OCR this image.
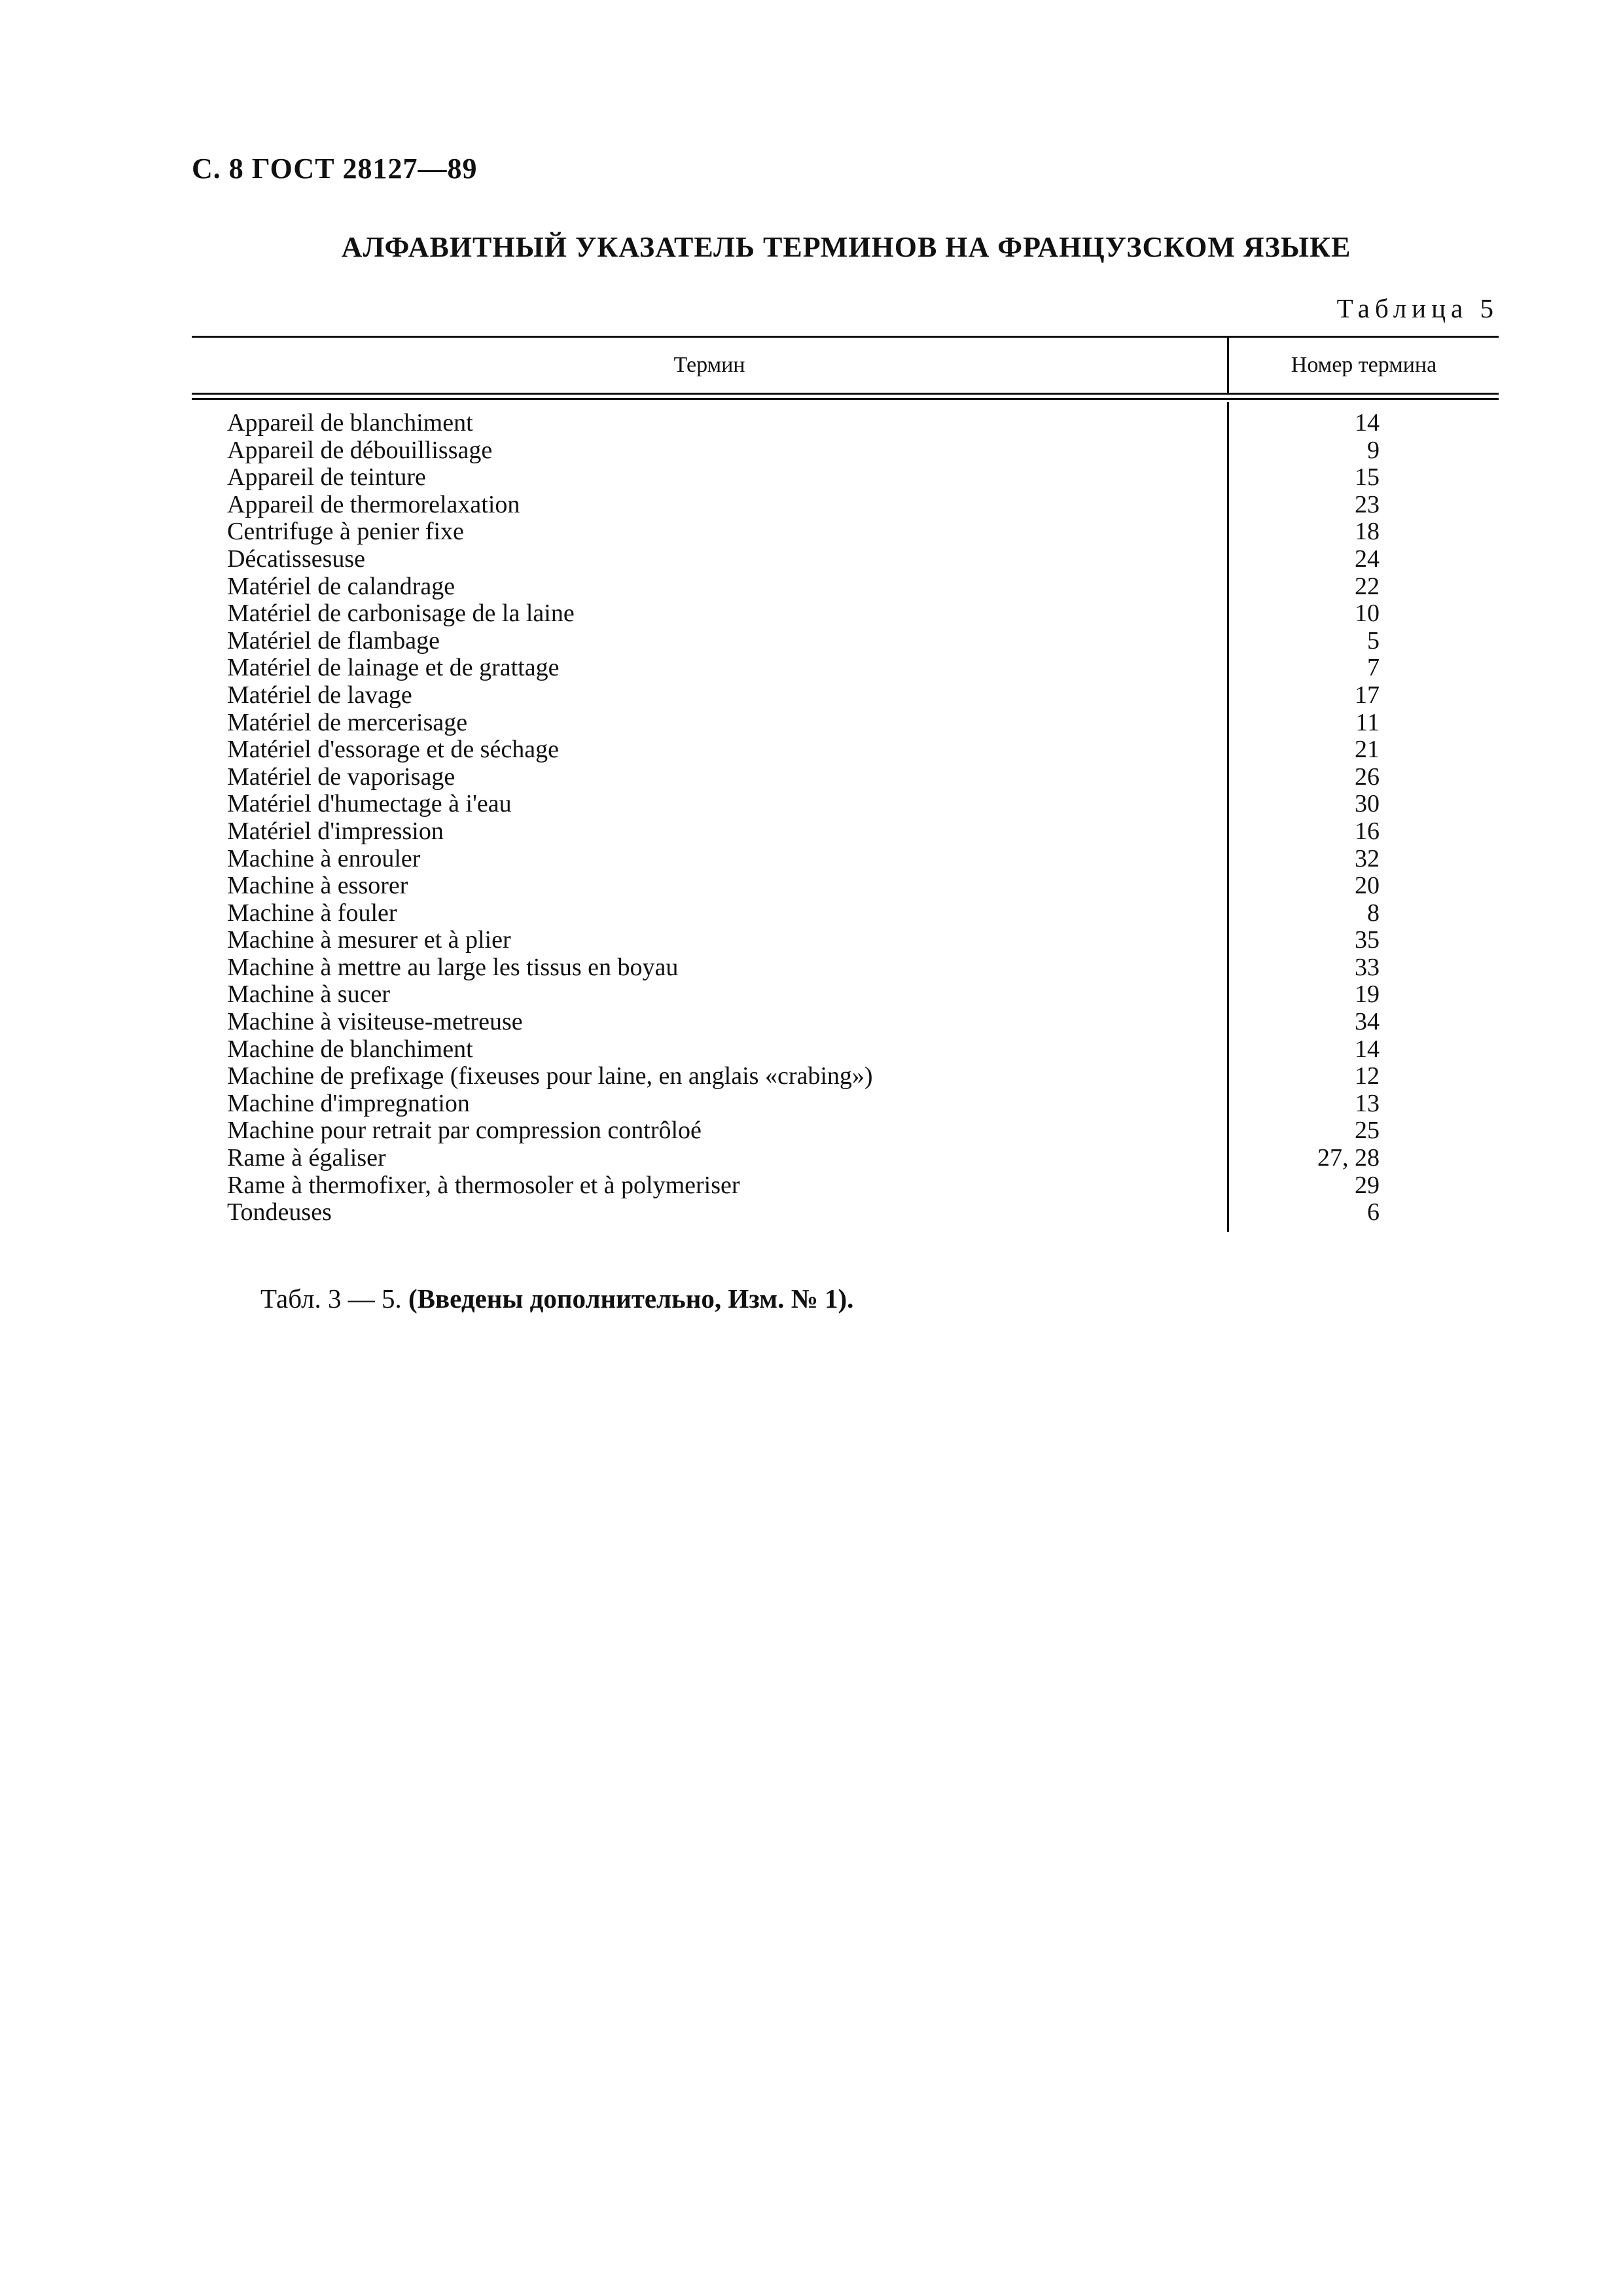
С. 8 ГОСТ 28127—89
АЛФАВИТНЫЙ УКАЗАТЕЛЬ ТЕРМИНОВ НА ФРАНЦУЗСКОМ ЯЗЫКЕ
Таблица 5
Термин	Номер термина
Appareil de blanchiment
Appareil de débouillissage
Appareil de teinture
Appareil de thermorelaxation
Centrifuge à penier fixe
Décatissesuse
Matériel de calandrage
Matériel de carbonisage de la laine
Matériel de flambage
Matériel de lainage et de grattage
Matériel de lavage
Matériel de mercerisage
Matériel d'essorage et de séchage
Matériel de vaporisage
Matériel d'humectage à i'eau
Matériel d'impression
Machine à enrouler
Machine à essorer
Machine à fouler
Machine à mesurer et à plier
Machine à mettre au large les tissus en boyau
Machine à sucer
Machine à visiteuse-metreuse
Machine de blanchiment
Machine de prefixage (fixeuses pour laine, en anglais «crabing»)
Machine d'impregnation
Machine pour retrait par compression contrôloé
Rame à égaliser
Rame à thermofixer, à thermosoler et à polymeriser
Tondeuses
14
9
15
23
18
24
22
10
5
7
17
11
21
26
30
16
32
20
8
35
33
19
34
14
12
13
25
27, 28
29
6
Табл. 3 — 5. (Введены дополнительно, Изм. № 1).
